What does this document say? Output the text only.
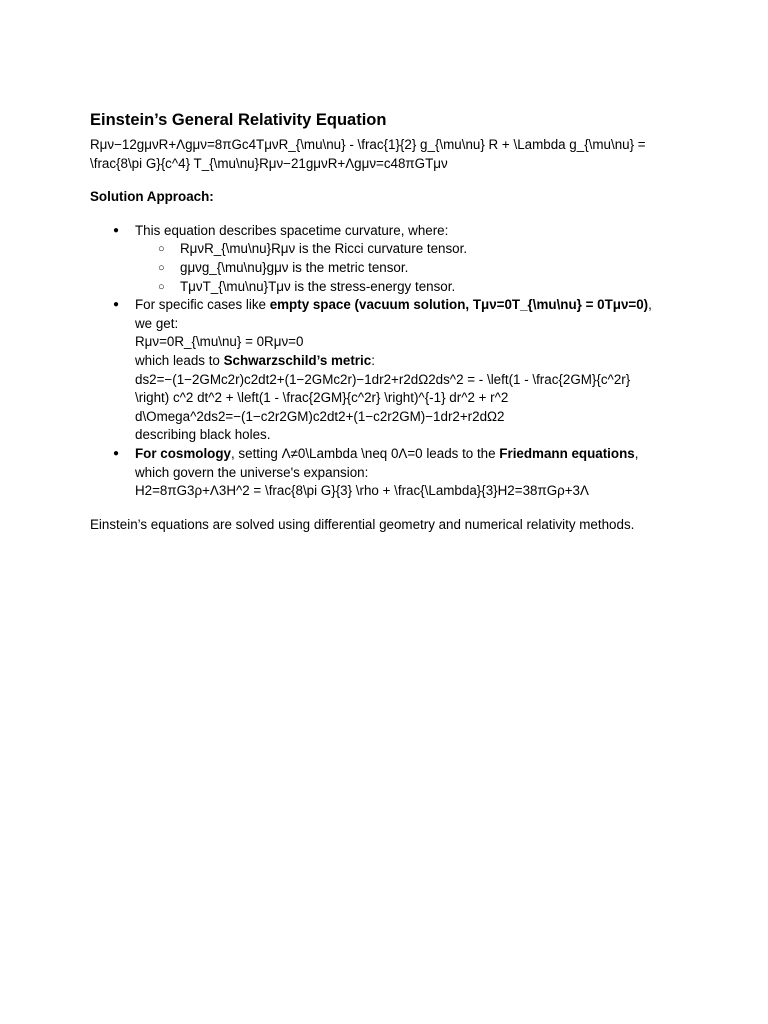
Einstein’s General Relativity Equation

Rμν−12gμνR+Λgμν=8πGc4TμνR_{\mu\nu} - \frac{1}{2} g_{\mu\nu} R + \Lambda g_{\mu\nu} =
\frac{8\pi G}{c^4} T_{\mu\nu}Rμν−21gμνR+Λgμν=c48πGTμν

Solution Approach:

● This equation describes spacetime curvature, where:
○ RμνR_{\mu\nu}Rμν is the Ricci curvature tensor.
○ gμνg_{\mu\nu}gμν is the metric tensor.
○ TμνT_{\mu\nu}Tμν is the stress-energy tensor.
● For specific cases like empty space (vacuum solution, Tμν=0T_{\mu\nu} = 0Tμν=0),
we get:
Rμν=0R_{\mu\nu} = 0Rμν=0
which leads to Schwarzschild’s metric:
ds2=−(1−2GMc2r)c2dt2+(1−2GMc2r)−1dr2+r2dΩ2ds^2 = - \left(1 - \frac{2GM}{c^2r}
\right) c^2 dt^2 + \left(1 - \frac{2GM}{c^2r} \right)^{-1} dr^2 + r^2
d\Omega^2ds2=−(1−c2r2GM)c2dt2+(1−c2r2GM)−1dr2+r2dΩ2
describing black holes.
● For cosmology, setting Λ≠0\Lambda \neq 0Λ=0 leads to the Friedmann equations,
which govern the universe's expansion:
H2=8πG3ρ+Λ3H^2 = \frac{8\pi G}{3} \rho + \frac{\Lambda}{3}H2=38πGρ+3Λ

Einstein’s equations are solved using differential geometry and numerical relativity methods.
